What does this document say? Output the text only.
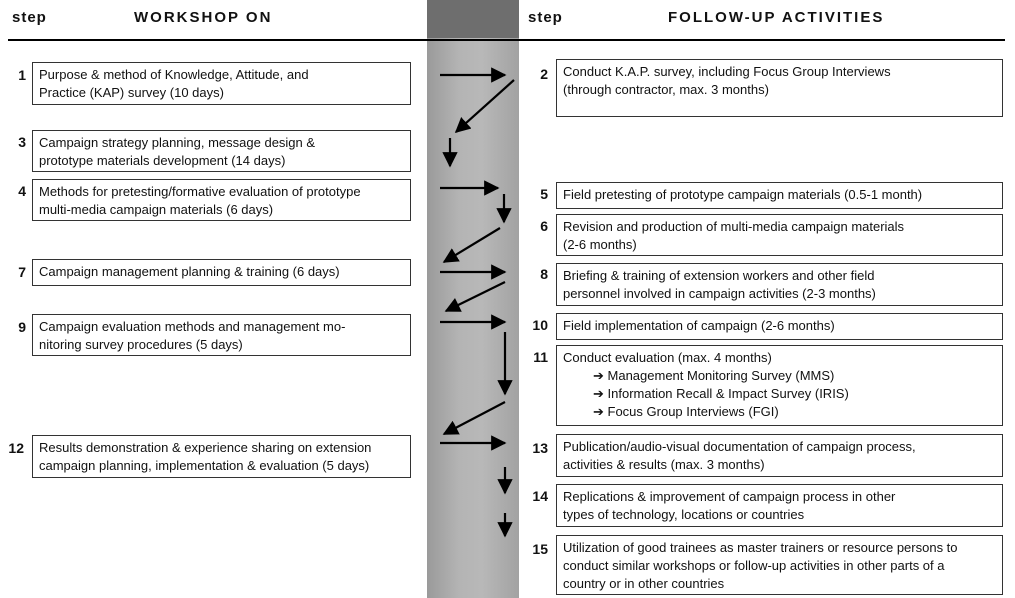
step	WORKSHOP ON	step	FOLLOW-UP ACTIVITIES
1 Purpose & method of Knowledge, Attitude, and
Practice (KAP) survey (10 days)
3 Campaign strategy planning, message design &
prototype materials development (14 days)
4 Methods for pretesting/formative evaluation of prototype
multi-media campaign materials (6 days)
7 Campaign management planning & training (6 days)
9 Campaign evaluation methods and management mo-
nitoring survey procedures (5 days)
12 Results demonstration & experience sharing on extension
campaign planning, implementation & evaluation (5 days)
2 Conduct K.A.P. survey, including Focus Group Interviews
(through contractor, max. 3 months)
5 Field pretesting of prototype campaign materials (0.5-1 month)
6 Revision and production of multi-media campaign materials
(2-6 months)
8 Briefing & training of extension workers and other field
personnel involved in campaign activities (2-3 months)
10 Field implementation of campaign (2-6 months)
11 Conduct evaluation (max. 4 months)
➔ Management Monitoring Survey (MMS)
➔ Information Recall & Impact Survey (IRIS)
➔ Focus Group Interviews (FGI)
13 Publication/audio-visual documentation of campaign process,
activities & results (max. 3 months)
14 Replications & improvement of campaign process in other
types of technology, locations or countries
15 Utilization of good trainees as master trainers or resource persons to
conduct similar workshops or follow-up activities in other parts of a
country or in other countries
